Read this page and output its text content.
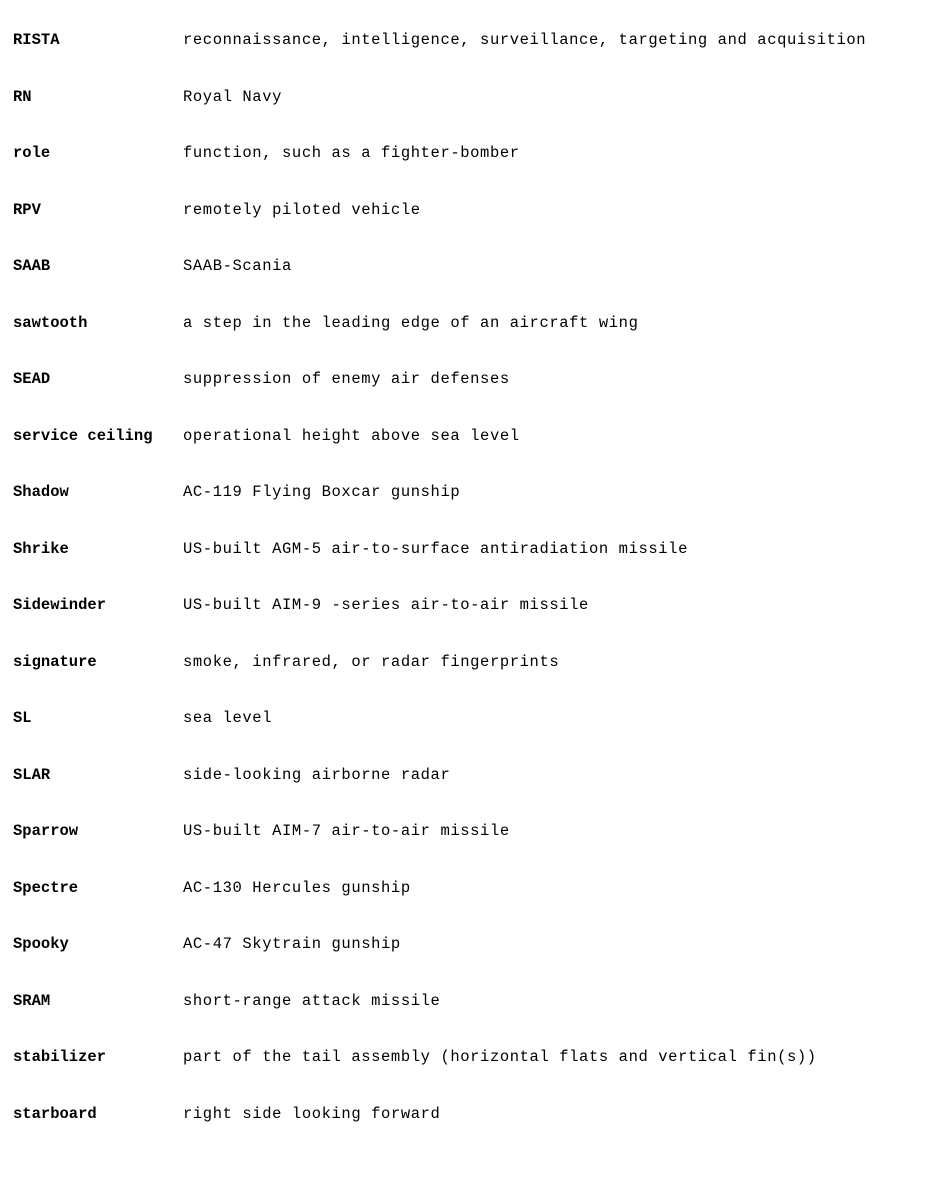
RISTA	reconnaissance, intelligence, surveillance, targeting and acquisition
RN	Royal Navy
role	function, such as a fighter-bomber
RPV	remotely piloted vehicle
SAAB	SAAB-Scania
sawtooth	a step in the leading edge of an aircraft wing
SEAD	suppression of enemy air defenses
service ceiling	operational height above sea level
Shadow	AC-119 Flying Boxcar gunship
Shrike	US-built AGM-5 air-to-surface antiradiation missile
Sidewinder	US-built AIM-9 -series air-to-air missile
signature	smoke, infrared, or radar fingerprints
SL	sea level
SLAR	side-looking airborne radar
Sparrow	US-built AIM-7 air-to-air missile
Spectre	AC-130 Hercules gunship
Spooky	AC-47 Skytrain gunship
SRAM	short-range attack missile
stabilizer	part of the tail assembly (horizontal flats and vertical fin(s))
starboard	right side looking forward
